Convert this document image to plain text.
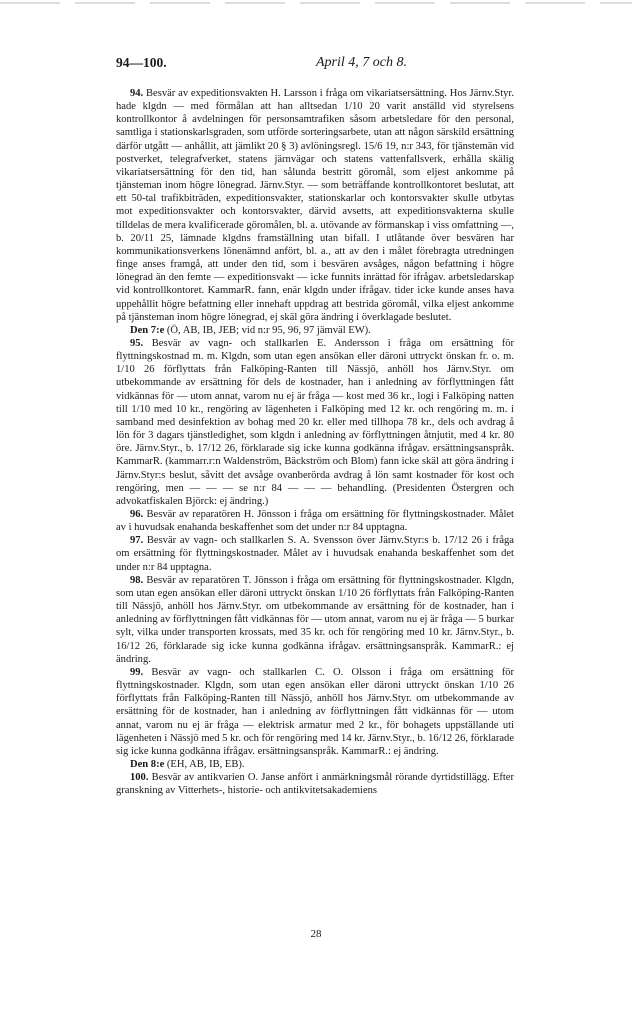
94—100.	April 4, 7 och 8.

94. Besvär av expeditionsvakten H. Larsson i fråga om vikariatsersättning. Hos Järnv.Styr. hade klgdn — med förmålan att han alltsedan 1/10 20 varit anställd vid styrelsens kontrollkontor å avdelningen för personsamtrafiken såsom arbetsledare för den personal, samtliga i stationskarlsgraden, som utförde sorteringsarbete, utan att någon särskild ersättning därför utgått — anhållit, att jämlikt 20 § 3) avlöningsregl. 15/6 19, n:r 343, för tjänstemän vid postverket, telegrafverket, statens järnvägar och statens vattenfallsverk, erhålla skälig vikariatsersättning för den tid, han sålunda bestritt göromål, som eljest ankomme på tjänsteman inom högre lönegrad. Järnv.Styr. — som beträffande kontrollkontoret beslutat, att ett 50-tal trafikbiträden, expeditionsvakter, stationskarlar och kontorsvakter skulle utbytas mot expeditionsvakter och kontorsvakter, därvid avsetts, att expeditionsvakterna skulle tilldelas de mera kvalificerade göromålen, bl. a. utövande av förmanskap i viss omfattning —, b. 20/11 25, lämnade klgdns framställning utan bifall. I utlåtande över besvären har kommunikationsverkens lönenämnd anfört, bl. a., att av den i målet förebragta utredningen finge anses framgå, att under den tid, som i besvären avsåges, någon befattning i högre lönegrad än den femte — expeditionsvakt — icke funnits inrättad för ifrågav. arbetsledarskap vid kontrollkontoret. KammarR. fann, enär klgdn under ifrågav. tider icke kunde anses hava uppehållit högre befattning eller innehaft uppdrag att bestrida göromål, vilka eljest ankomme på tjänsteman inom högre lönegrad, ej skäl göra ändring i överklagade beslutet.

Den 7:e (Ö, AB, IB, JEB; vid n:r 95, 96, 97 jämväl EW).

95. Besvär av vagn- och stallkarlen E. Andersson i fråga om ersättning för flyttningskostnad m. m. Klgdn, som utan egen ansökan eller däroni uttryckt önskan fr. o. m. 1/10 26 förflyttats från Falköping-Ranten till Nässjö, anhöll hos Järnv.Styr. om utbekommande av ersättning för dels de kostnader, han i anledning av förflyttningen fått vidkännas för — utom annat, varom nu ej är fråga — kost med 36 kr., logi i Falköping natten till 1/10 med 10 kr., rengöring av lägenheten i Falköping med 12 kr. och rengöring m. m. i samband med desinfektion av bohag med 20 kr. eller med tillhopa 78 kr., dels och avdrag å lön för 3 dagars tjänstledighet, som klgdn i anledning av förflyttningen åtnjutit, med 4 kr. 80 öre. Järnv.Styr., b. 17/12 26, förklarade sig icke kunna godkänna ifrågav. ersättningsanspråk. KammarR. (kammarr.r:n Waldenström, Bäckström och Blom) fann icke skäl att göra ändring i Järnv.Styr:s beslut, såvitt det avsåge ovanberörda avdrag å lön samt kostnader för kost och rengöring, men — — — se n:r 84 — — — behandling. (Presidenten Östergren och advokatfiskalen Björck: ej ändring.)

96. Besvär av reparatören H. Jönsson i fråga om ersättning för flyttningskostnader. Målet av i huvudsak enahanda beskaffenhet som det under n:r 84 upptagna.

97. Besvär av vagn- och stallkarlen S. A. Svensson över Järnv.Styr:s b. 17/12 26 i fråga om ersättning för flyttningskostnader. Målet av i huvudsak enahanda beskaffenhet som det under n:r 84 upptagna.

98. Besvär av reparatören T. Jönsson i fråga om ersättning för flyttningskostnader. Klgdn, som utan egen ansökan eller däroni uttryckt önskan 1/10 26 förflyttats från Falköping-Ranten till Nässjö, anhöll hos Järnv.Styr. om utbekommande av ersättning för de kostnader, han i anledning av förflyttningen fått vidkännas för — utom annat, varom nu ej är fråga — 5 burkar sylt, vilka under transporten krossats, med 35 kr. och för rengöring med 10 kr. Järnv.Styr., b. 16/12 26, förklarade sig icke kunna godkänna ifrågav. ersättningsanspråk. KammarR.: ej ändring.

99. Besvär av vagn- och stallkarlen C. O. Olsson i fråga om ersättning för flyttningskostnader. Klgdn, som utan egen ansökan eller däroni uttryckt önskan 1/10 26 förflyttats från Falköping-Ranten till Nässjö, anhöll hos Järnv.Styr. om utbekommande av ersättning för de kostnader, han i anledning av förflyttningen fått vidkännas för — utom annat, varom nu ej är fråga — elektrisk armatur med 2 kr., för bohagets uppställande uti lägenheten i Nässjö med 5 kr. och för rengöring med 14 kr. Järnv.Styr., b. 16/12 26, förklarade sig icke kunna godkänna ifrågav. ersättningsanspråk. KammarR.: ej ändring.

Den 8:e (EH, AB, IB, EB).

100. Besvär av antikvarien O. Janse anfört i anmärkningsmål rörande dyrtidstillägg. Efter granskning av Vitterhets-, historie- och antikvitetsakademiens

28
